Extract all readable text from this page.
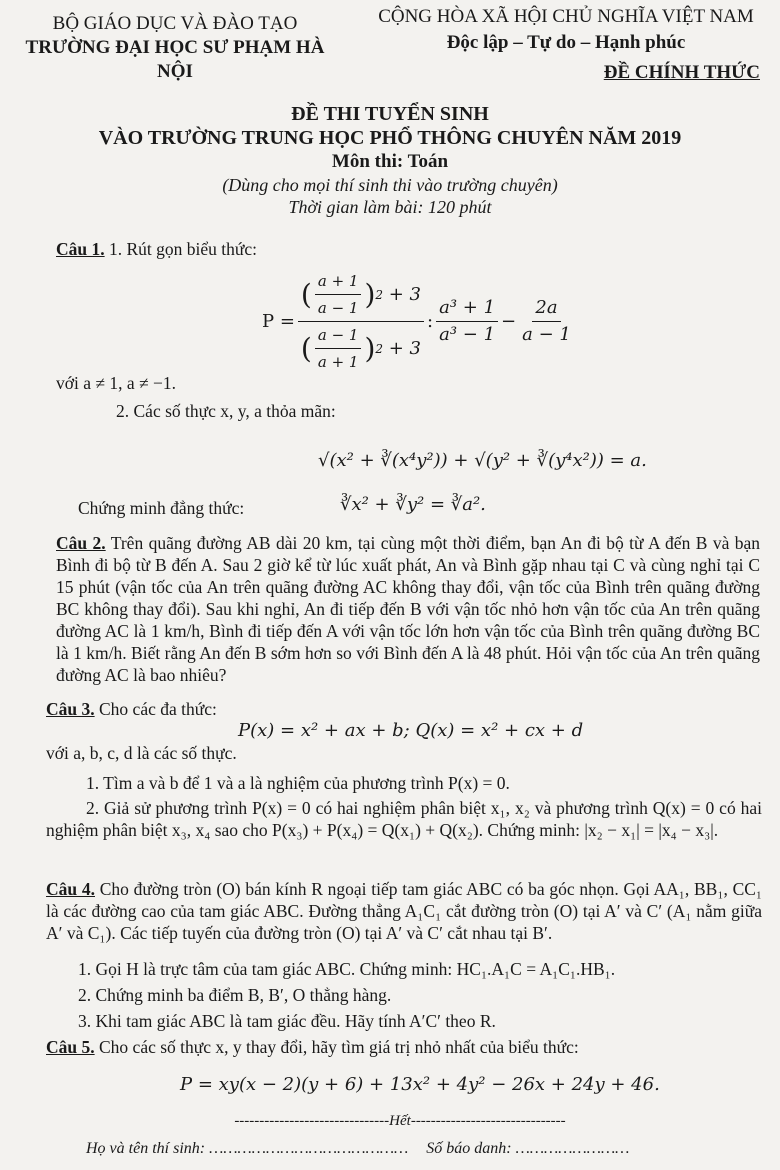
BỘ GIÁO DỤC VÀ ĐÀO TẠO
TRƯỜNG ĐẠI HỌC SƯ PHẠM HÀ NỘI
CỘNG HÒA XÃ HỘI CHỦ NGHĨA VIỆT NAM
Độc lập – Tự do – Hạnh phúc
ĐỀ CHÍNH THỨC
ĐỀ THI TUYỂN SINH
VÀO TRƯỜNG TRUNG HỌC PHỔ THÔNG CHUYÊN NĂM 2019
Môn thi: Toán
(Dùng cho mọi thí sinh thi vào trường chuyên)
Thời gian làm bài: 120 phút
Câu 1. 1. Rút gọn biểu thức:
$P = \frac{( \frac{a + 1}{a - 1} ) 2 + 3}{( \frac{a - 1}{a + 1} ) 2 + 3}$ : $\frac{\text{a³ + 1}}{\text{a³ − 1}} - \frac{2a}{a - 1}$
với a ≠ 1, a ≠ −1.
2. Các số thực x, y, a thỏa mãn:
√(x² + ∛(x⁴y²)) + √(y² + ∛(y⁴x²)) = a.
Chứng minh đẳng thức:	∛x² + ∛y² = ∛a².
Câu 2. Trên quãng đường AB dài 20 km, tại cùng một thời điểm, bạn An đi bộ từ A đến B và bạn Bình đi bộ từ B đến A. Sau 2 giờ kể từ lúc xuất phát, An và Bình gặp nhau tại C và cùng nghỉ tại C 15 phút (vận tốc của An trên quãng đường AC không thay đổi, vận tốc của Bình trên quãng đường BC không thay đổi). Sau khi nghỉ, An đi tiếp đến B với vận tốc nhỏ hơn vận tốc của An trên quãng đường AC là 1 km/h, Bình đi tiếp đến A với vận tốc lớn hơn vận tốc của Bình trên quãng đường BC là 1 km/h. Biết rằng An đến B sớm hơn so với Bình đến A là 48 phút. Hỏi vận tốc của An trên quãng đường AC là bao nhiêu?
Câu 3. Cho các đa thức:
P(x) = x² + ax + b; Q(x) = x² + cx + d
với a, b, c, d là các số thực.
1. Tìm a và b để 1 và a là nghiệm của phương trình P(x) = 0.
2. Giả sử phương trình P(x) = 0 có hai nghiệm phân biệt x₁, x₂ và phương trình Q(x) = 0 có hai nghiệm phân biệt x₃, x₄ sao cho P(x₃) + P(x₄) = Q(x₁) + Q(x₂). Chứng minh: |x₂ − x₁| = |x₄ − x₃|.
Câu 4. Cho đường tròn (O) bán kính R ngoại tiếp tam giác ABC có ba góc nhọn. Gọi AA₁, BB₁, CC₁ là các đường cao của tam giác ABC. Đường thẳng A₁C₁ cắt đường tròn (O) tại A′ và C′ (A₁ nằm giữa A′ và C₁). Các tiếp tuyến của đường tròn (O) tại A′ và C′ cắt nhau tại B′.
1. Gọi H là trực tâm của tam giác ABC. Chứng minh: HC₁.A₁C = A₁C₁.HB₁.
2. Chứng minh ba điểm B, B′, O thẳng hàng.
3. Khi tam giác ABC là tam giác đều. Hãy tính A′C′ theo R.
Câu 5. Cho các số thực x, y thay đổi, hãy tìm giá trị nhỏ nhất của biểu thức:
P = xy(x − 2)(y + 6) + 13x² + 4y² − 26x + 24y + 46.
-------------------------------Hết-------------------------------
Họ và tên thí sinh: …………………………………… Số báo danh: ……………………
